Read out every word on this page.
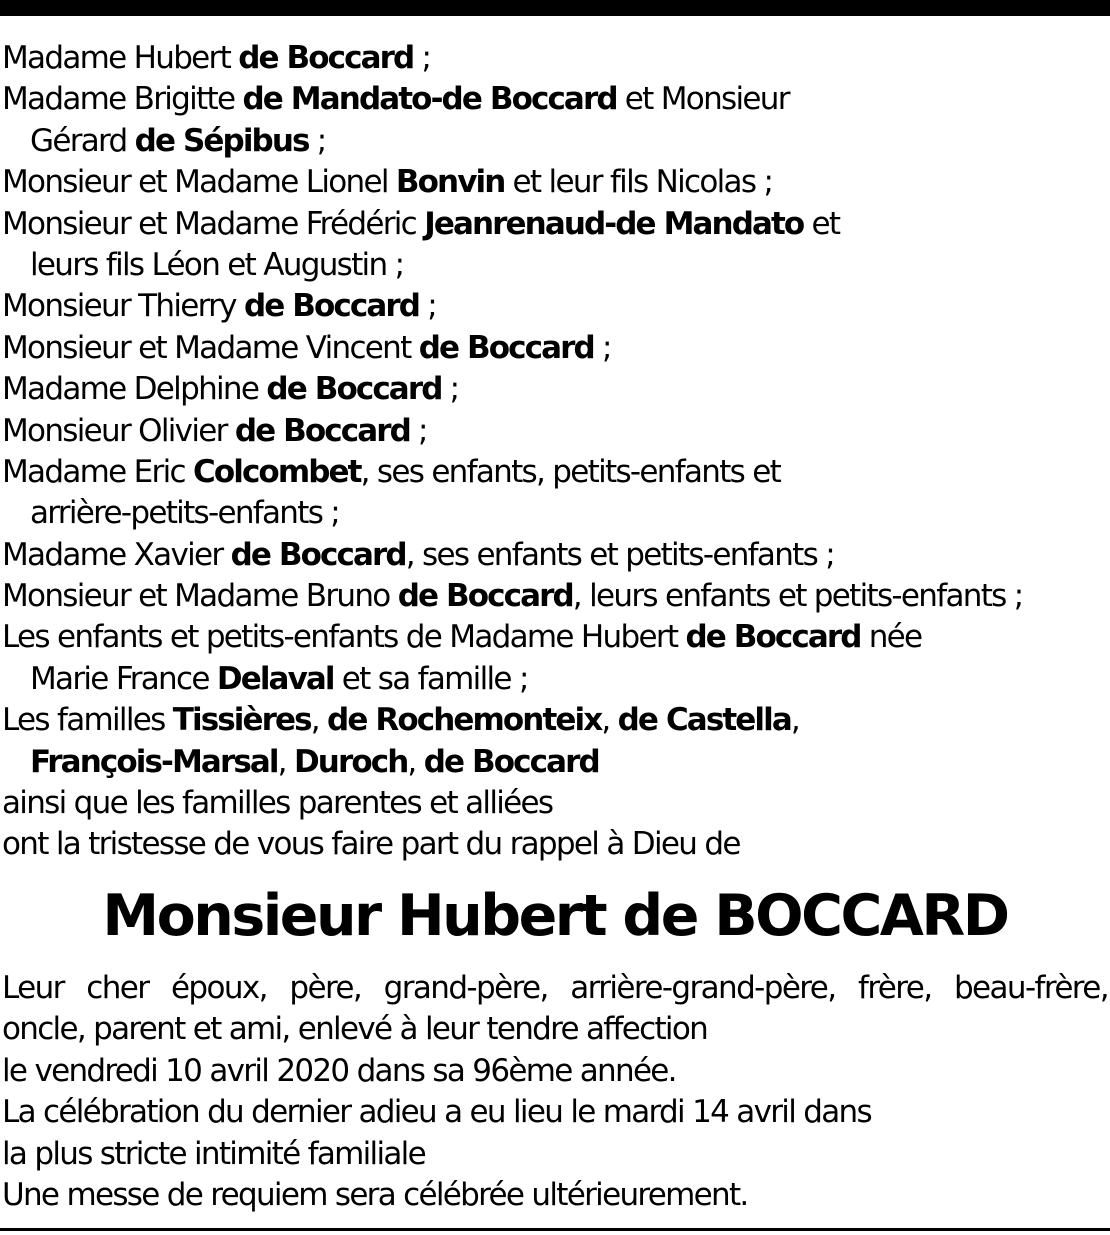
Madame Hubert de Boccard ;
Madame Brigitte de Mandato-de Boccard et Monsieur
Gérard de Sépibus ;
Monsieur et Madame Lionel Bonvin et leur fils Nicolas ;
Monsieur et Madame Frédéric Jeanrenaud-de Mandato et
leurs fils Léon et Augustin ;
Monsieur Thierry de Boccard ;
Monsieur et Madame Vincent de Boccard ;
Madame Delphine de Boccard ;
Monsieur Olivier de Boccard ;
Madame Eric Colcombet, ses enfants, petits-enfants et
arrière-petits-enfants ;
Madame Xavier de Boccard, ses enfants et petits-enfants ;
Monsieur et Madame Bruno de Boccard, leurs enfants et petits-enfants ;
Les enfants et petits-enfants de Madame Hubert de Boccard née
Marie France Delaval et sa famille ;
Les familles Tissières, de Rochemonteix, de Castella,
François-Marsal, Duroch, de Boccard
ainsi que les familles parentes et alliées
ont la tristesse de vous faire part du rappel à Dieu de
Monsieur Hubert de BOCCARD
Leur cher époux, père, grand-père, arrière-grand-père, frère, beau-frère,
oncle, parent et ami, enlevé à leur tendre affection
le vendredi 10 avril 2020 dans sa 96ème année.
La célébration du dernier adieu a eu lieu le mardi 14 avril dans
la plus stricte intimité familiale
Une messe de requiem sera célébrée ultérieurement.
